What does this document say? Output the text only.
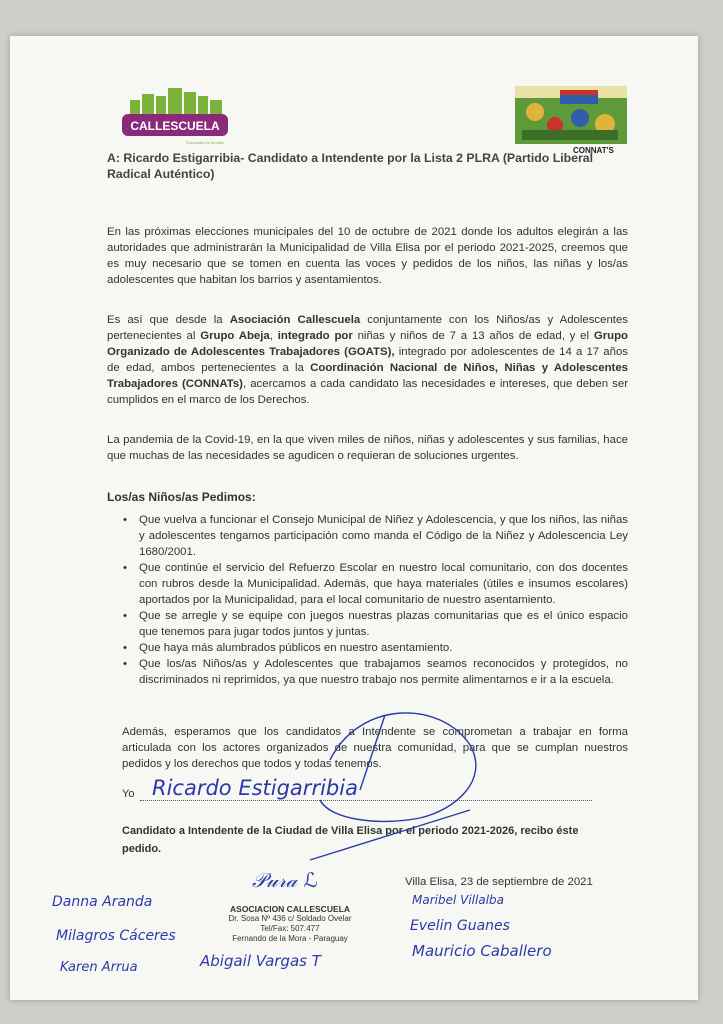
CALLESCUELA
Educando en la calle
CONNAT'S
A: Ricardo Estigarribia- Candidato a Intendente por la Lista 2 PLRA (Partido Liberal Radical Auténtico)

En las próximas elecciones municipales del 10 de octubre de 2021 donde los adultos elegirán a las autoridades que administrarán la Municipalidad de Villa Elisa por el periodo 2021-2025, creemos que es muy necesario que se tomen en cuenta las voces y pedidos de los niños, las niñas y los/as adolescentes que habitan los barrios y asentamientos.

Es así que desde la Asociación Callescuela conjuntamente con los Niños/as y Adolescentes pertenecientes al Grupo Abeja, integrado por niñas y niños de 7 a 13 años de edad, y el Grupo Organizado de Adolescentes Trabajadores (GOATS), integrado por adolescentes de 14 a 17 años de edad, ambos pertenecientes a la Coordinación Nacional de Niños, Niñas y Adolescentes Trabajadores (CONNATs), acercamos a cada candidato las necesidades e intereses, que deben ser cumplidos en el marco de los Derechos.

La pandemia de la Covid-19, en la que viven miles de niños, niñas y adolescentes y sus familias, hace que muchas de las necesidades se agudicen o requieran de soluciones urgentes.

Los/as Niños/as Pedimos:
• Que vuelva a funcionar el Consejo Municipal de Niñez y Adolescencia, y que los niños, las niñas y adolescentes tengamos participación como manda el Código de la Niñez y Adolescencia Ley 1680/2001.
• Que continúe el servicio del Refuerzo Escolar en nuestro local comunitario, con dos docentes con rubros desde la Municipalidad. Además, que haya materiales (útiles e insumos escolares) aportados por la Municipalidad, para el local comunitario de nuestro asentamiento.
• Que se arregle y se equipe con juegos nuestras plazas comunitarias que es el único espacio que tenemos para jugar todos juntos y juntas.
• Que haya más alumbrados públicos en nuestro asentamiento.
• Que los/as Niños/as y Adolescentes que trabajamos seamos reconocidos y protegidos, no discriminados ni reprimidos, ya que nuestro trabajo nos permite alimentarnos e ir a la escuela.

Además, esperamos que los candidatos a Intendente se comprometan a trabajar en forma articulada con los actores organizados de nuestra comunidad, para que se cumplan nuestros pedidos y los derechos que todos y todas tenemos.

Yo Ricardo Estigarribia
Candidato a Intendente de la Ciudad de Villa Elisa por el periodo 2021-2026, recibo éste pedido.
Villa Elisa, 23 de septiembre de 2021
𝒫𝓊𝓇𝒶 ℒ
ASOCIACION CALLESCUELA
Dr. Sosa Nº 436 c/ Soldado Ovelar
Tel/Fax: 507.477
Fernando de la Mora - Paraguay
Danna Aranda
Milagros Cáceres
Karen Arrua	Abigail Vargas T
Maribel Villalba
Evelin Guanes
Mauricio Caballero
